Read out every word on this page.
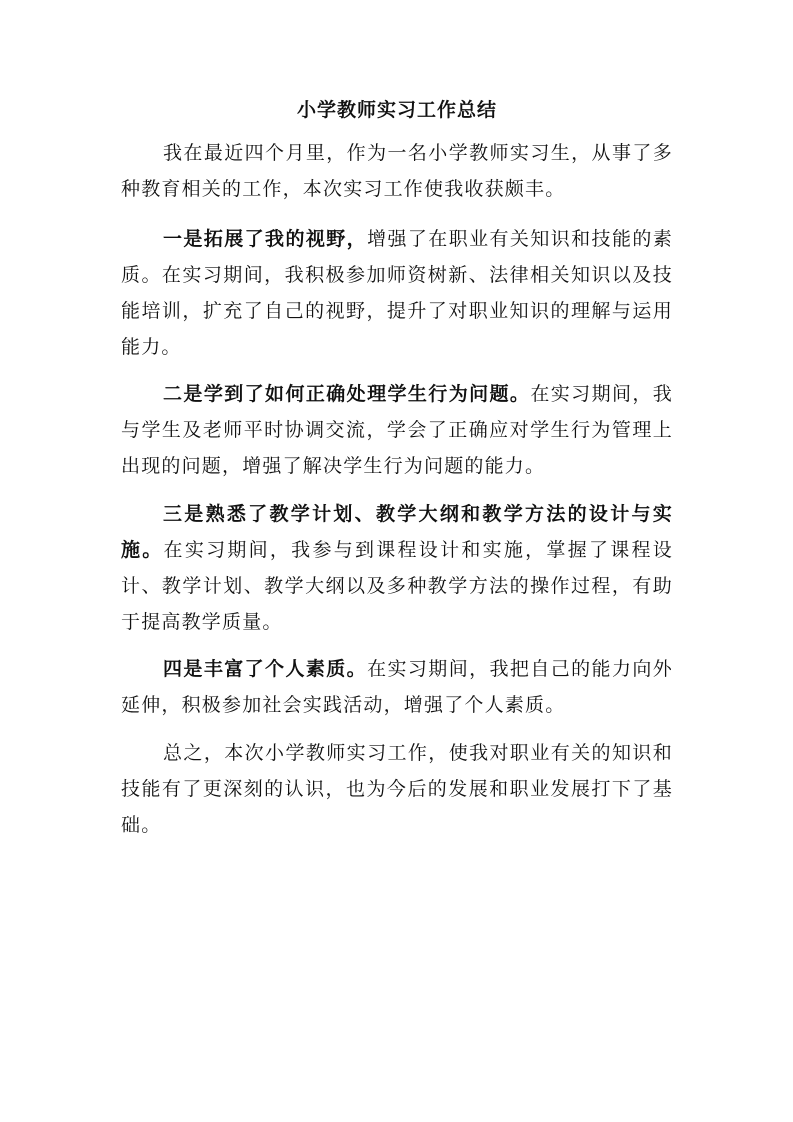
小学教师实习工作总结

我在最近四个月里，作为一名小学教师实习生，从事了多种教育相关的工作，本次实习工作使我收获颇丰。

一是拓展了我的视野，增强了在职业有关知识和技能的素质。在实习期间，我积极参加师资树新、法律相关知识以及技能培训，扩充了自己的视野，提升了对职业知识的理解与运用能力。

二是学到了如何正确处理学生行为问题。在实习期间，我与学生及老师平时协调交流，学会了正确应对学生行为管理上出现的问题，增强了解决学生行为问题的能力。

三是熟悉了教学计划、教学大纲和教学方法的设计与实施。在实习期间，我参与到课程设计和实施，掌握了课程设计、教学计划、教学大纲以及多种教学方法的操作过程，有助于提高教学质量。

四是丰富了个人素质。在实习期间，我把自己的能力向外延伸，积极参加社会实践活动，增强了个人素质。

总之，本次小学教师实习工作，使我对职业有关的知识和技能有了更深刻的认识，也为今后的发展和职业发展打下了基础。
